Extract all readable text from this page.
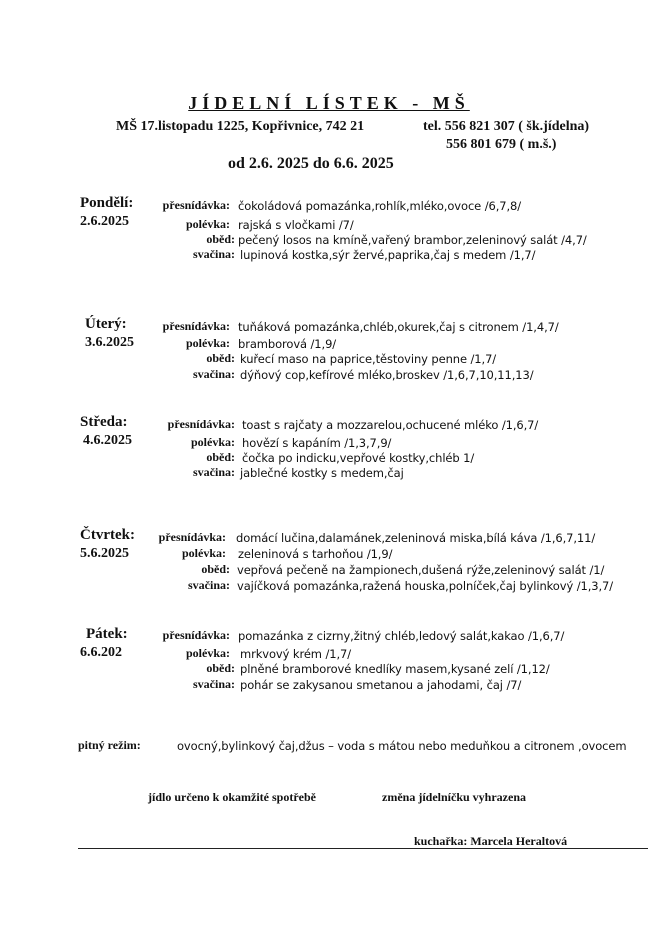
JÍDELNÍ LÍSTEK - MŠ
MŠ 17.listopadu 1225, Kopřivnice, 742 21	tel. 556 821 307 ( šk.jídelna)
556 801 679 ( m.š.)
od 2.6. 2025 do 6.6. 2025
Pondělí:
2.6.2025
přesnídávka: čokoládová pomazánka,rohlík,mléko,ovoce /6,7,8/
polévka: rajská s vločkami /7/
oběd: pečený losos na kmíně,vařený brambor,zeleninový salát /4,7/
svačina: lupinová kostka,sýr žervé,paprika,čaj s medem /1,7/
Úterý:
3.6.2025
přesnídávka: tuňáková pomazánka,chléb,okurek,čaj s citronem /1,4,7/
polévka: bramborová /1,9/
oběd: kuřecí maso na paprice,těstoviny penne /1,7/
svačina: dýňový cop,kefírové mléko,broskev /1,6,7,10,11,13/
Středa:
4.6.2025
přesnídávka: toast s rajčaty a mozzarelou,ochucené mléko /1,6,7/
polévka: hovězí s kapáním /1,3,7,9/
oběd: čočka po indicku,vepřové kostky,chléb 1/
svačina: jablečné kostky s medem,čaj
Čtvrtek:
5.6.2025
přesnídávka: domácí lučina,dalamánek,zeleninová miska,bílá káva /1,6,7,11/
polévka: zeleninová s tarhoňou /1,9/
oběd: vepřová pečeně na žampionech,dušená rýže,zeleninový salát /1/
svačina: vajíčková pomazánka,ražená houska,polníček,čaj bylinkový /1,3,7/
Pátek:
6.6.202
přesnídávka: pomazánka z cizrny,žitný chléb,ledový salát,kakao /1,6,7/
polévka: mrkvový krém /1,7/
oběd: plněné bramborové knedlíky masem,kysané zelí /1,12/
svačina: pohár se zakysanou smetanou a jahodami, čaj /7/
pitný režim:	ovocný,bylinkový čaj,džus – voda s mátou nebo meduňkou a citronem ,ovocem
jídlo určeno k okamžité spotřebě	změna jídelníčku vyhrazena
kuchařka: Marcela Heraltová
